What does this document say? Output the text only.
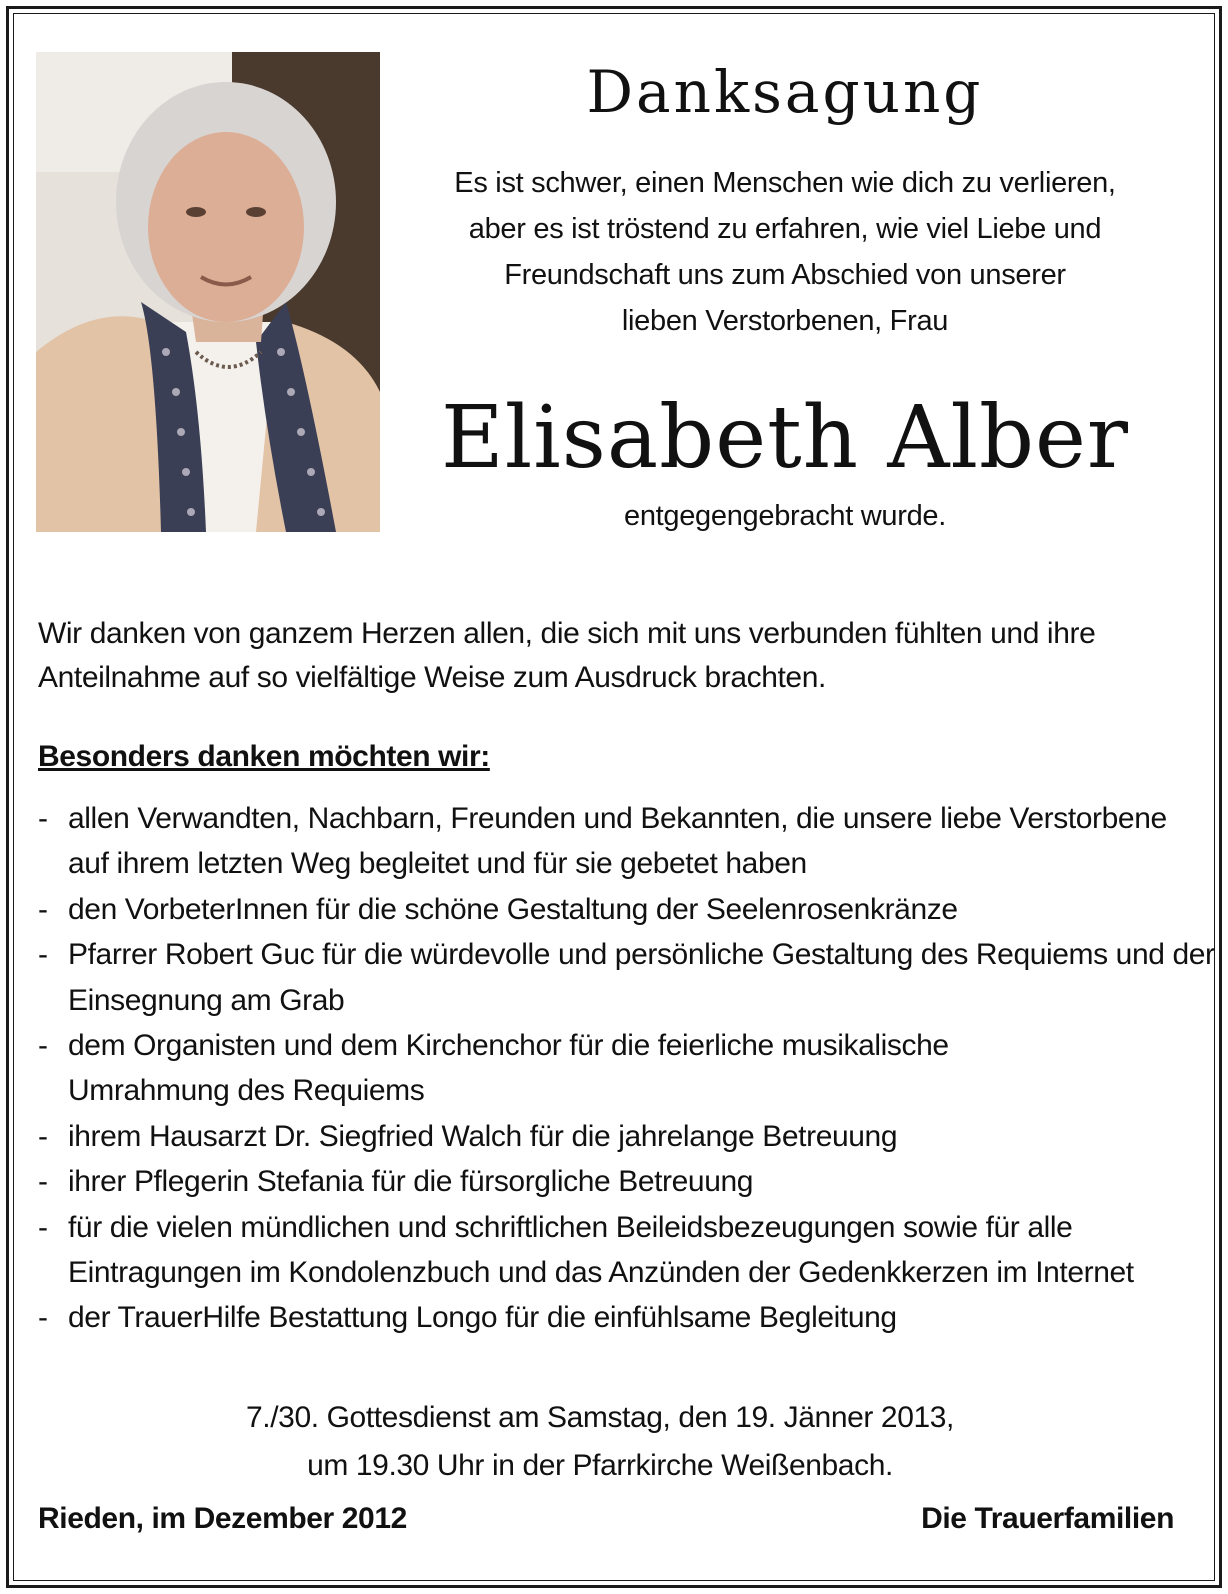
Danksagung
Es ist schwer, einen Menschen wie dich zu verlieren,
aber es ist tröstend zu erfahren, wie viel Liebe und
Freundschaft uns zum Abschied von unserer
lieben Verstorbenen, Frau
Elisabeth Alber
entgegengebracht wurde.
Wir danken von ganzem Herzen allen, die sich mit uns verbunden fühlten und ihre
Anteilnahme auf so vielfältige Weise zum Ausdruck brachten.
Besonders danken möchten wir:
- allen Verwandten, Nachbarn, Freunden und Bekannten, die unsere liebe Verstorbene
auf ihrem letzten Weg begleitet und für sie gebetet haben
- den VorbeterInnen für die schöne Gestaltung der Seelenrosenkränze
- Pfarrer Robert Guc für die würdevolle und persönliche Gestaltung des Requiems und der
Einsegnung am Grab
- dem Organisten und dem Kirchenchor für die feierliche musikalische
Umrahmung des Requiems
- ihrem Hausarzt Dr. Siegfried Walch für die jahrelange Betreuung
- ihrer Pflegerin Stefania für die fürsorgliche Betreuung
- für die vielen mündlichen und schriftlichen Beileidsbezeugungen sowie für alle
Eintragungen im Kondolenzbuch und das Anzünden der Gedenkkerzen im Internet
- der TrauerHilfe Bestattung Longo für die einfühlsame Begleitung
7./30. Gottesdienst am Samstag, den 19. Jänner 2013,
um 19.30 Uhr in der Pfarrkirche Weißenbach.
Rieden, im Dezember 2012	Die Trauerfamilien
